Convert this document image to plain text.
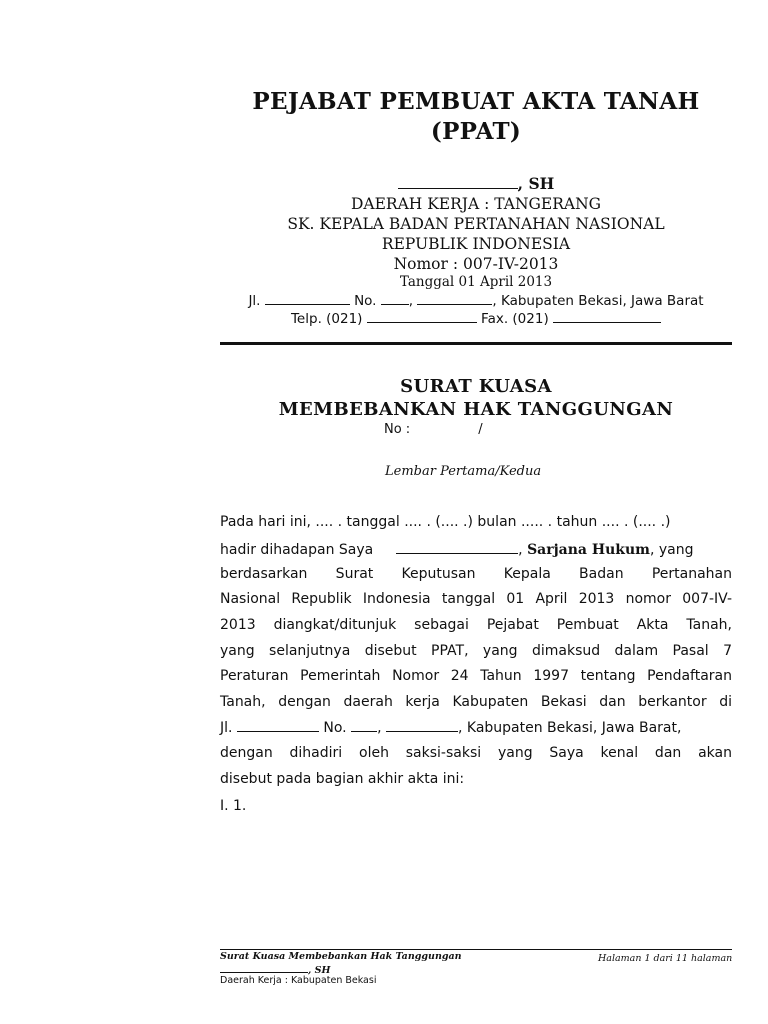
PEJABAT PEMBUAT AKTA TANAH
(PPAT)
, SH
DAERAH KERJA : TANGERANG
SK. KEPALA BADAN PERTANAHAN NASIONAL
REPUBLIK INDONESIA
Nomor : 007-IV-2013
Tanggal 01 April 2013
Jl.	No. ,	, Kabupaten Bekasi, Jawa Barat
Telp. (021)	Fax. (021)
SURAT KUASA
MEMBEBANKAN HAK TANGGUNGAN
No :	/
Lembar Pertama/Kedua
Pada hari ini, .... . tanggal .... . (.... .) bulan ..... . tahun .... . (.... .)
hadir dihadapan Saya	, Sarjana Hukum, yang
berdasarkan Surat Keputusan Kepala Badan Pertanahan
Nasional Republik Indonesia tanggal 01 April 2013 nomor 007-IV-
2013 diangkat/ditunjuk sebagai Pejabat Pembuat Akta Tanah,
yang selanjutnya disebut PPAT, yang dimaksud dalam Pasal 7
Peraturan Pemerintah Nomor 24 Tahun 1997 tentang Pendaftaran
Tanah, dengan daerah kerja Kabupaten Bekasi dan berkantor di
Jl.	No. ,	, Kabupaten Bekasi, Jawa Barat,
dengan dihadiri oleh saksi-saksi yang Saya kenal dan akan
disebut pada bagian akhir akta ini:
I. 1.
Surat Kuasa Membebankan Hak Tanggungan
, SH
Daerah Kerja : Kabupaten Bekasi
Halaman 1 dari 11 halaman
